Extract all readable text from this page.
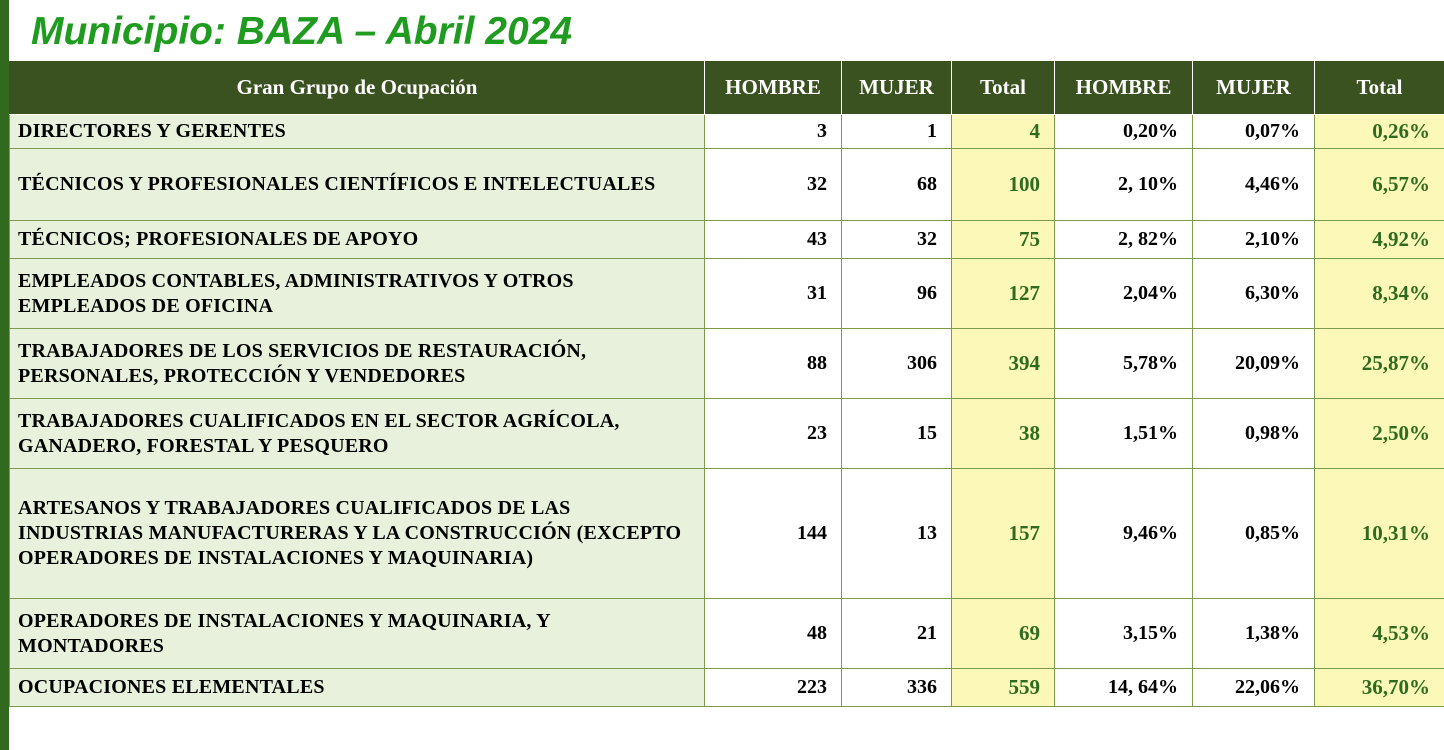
Municipio: BAZA – Abril 2024
Gran Grupo de Ocupación	HOMBRE	MUJER	Total	HOMBRE	MUJER	Total
DIRECTORES Y GERENTES	3	1	4	0,20%	0,07%	0,26%
TÉCNICOS Y PROFESIONALES CIENTÍFICOS E INTELECTUALES	32	68	100	2, 10%	4,46%	6,57%
TÉCNICOS; PROFESIONALES DE APOYO	43	32	75	2, 82%	2,10%	4,92%
EMPLEADOS CONTABLES, ADMINISTRATIVOS Y OTROS EMPLEADOS DE OFICINA	31	96	127	2,04%	6,30%	8,34%
TRABAJADORES DE LOS SERVICIOS DE RESTAURACIÓN, PERSONALES, PROTECCIÓN Y VENDEDORES	88	306	394	5,78%	20,09%	25,87%
TRABAJADORES CUALIFICADOS EN EL SECTOR AGRÍCOLA, GANADERO, FORESTAL Y PESQUERO	23	15	38	1,51%	0,98%	2,50%
ARTESANOS Y TRABAJADORES CUALIFICADOS DE LAS INDUSTRIAS MANUFACTURERAS Y LA CONSTRUCCIÓN (EXCEPTO OPERADORES DE INSTALACIONES Y MAQUINARIA)	144	13	157	9,46%	0,85%	10,31%
OPERADORES DE INSTALACIONES Y MAQUINARIA, Y MONTADORES	48	21	69	3,15%	1,38%	4,53%
OCUPACIONES ELEMENTALES	223	336	559	14, 64%	22,06%	36,70%
